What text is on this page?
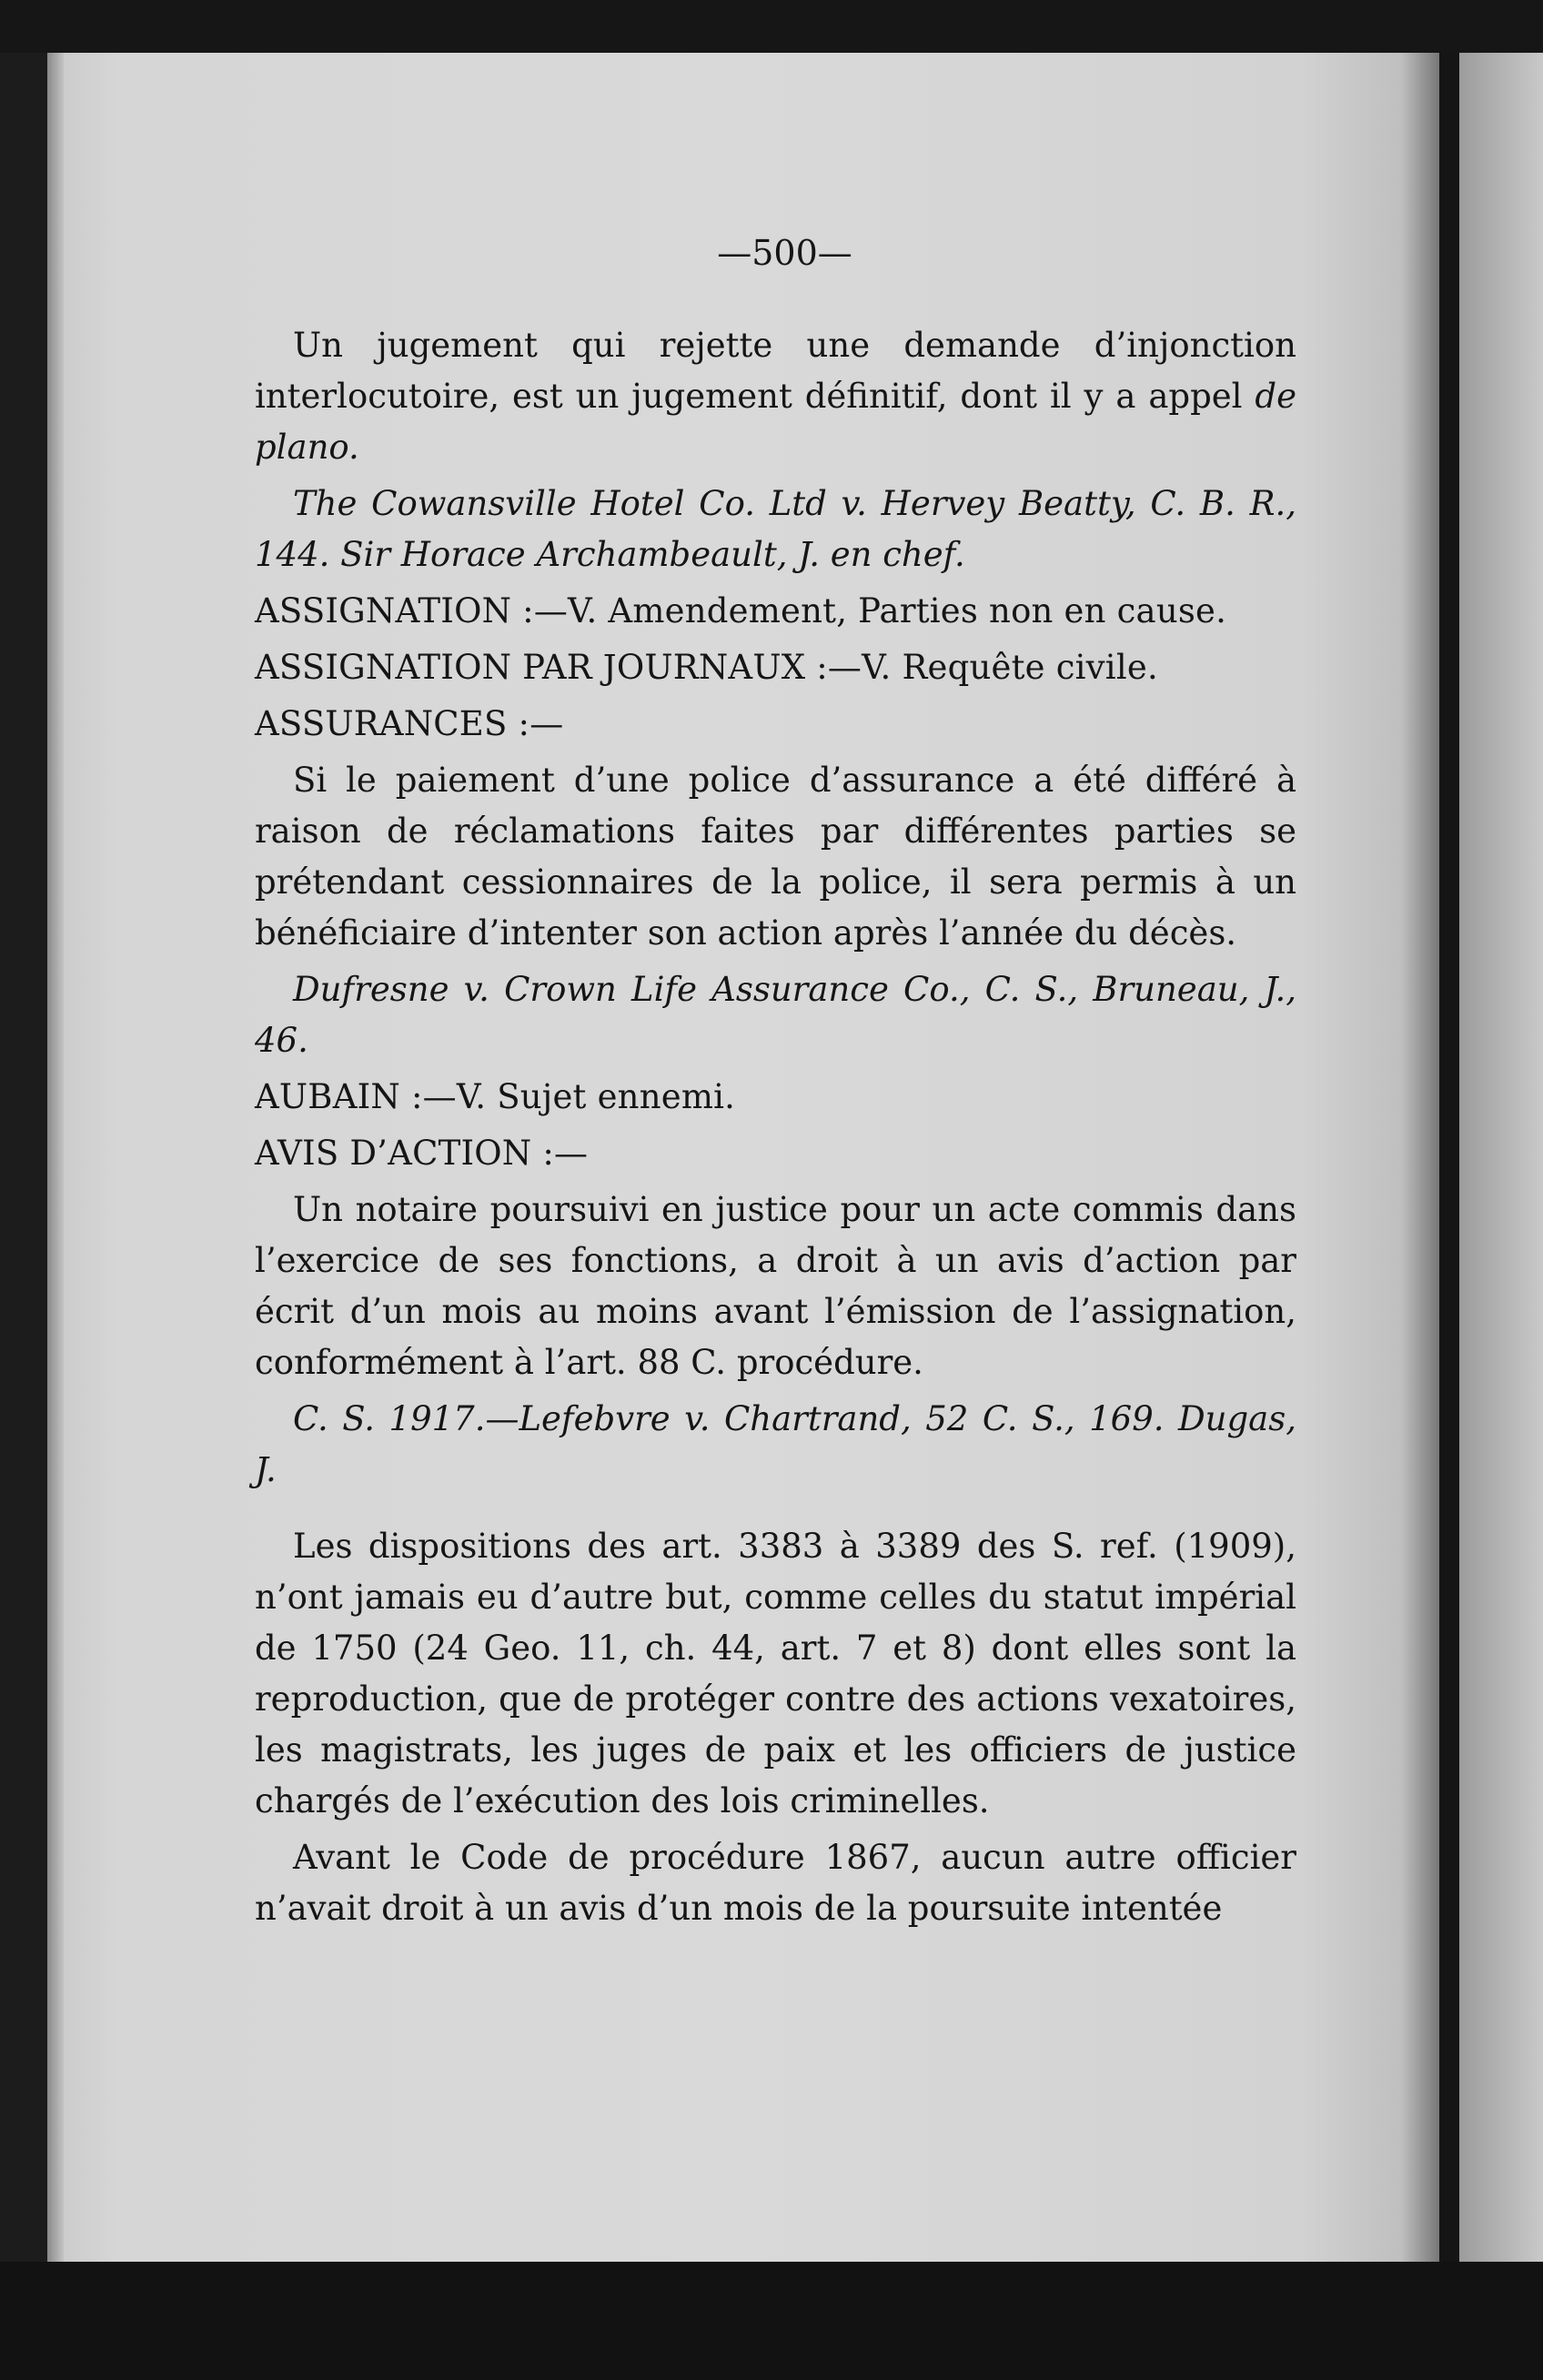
—500—

Un jugement qui rejette une demande d’injonction interlocutoire, est un jugement définitif, dont il y a appel de plano.

The Cowansville Hotel Co. Ltd v. Hervey Beatty, C. B. R., 144. Sir Horace Archambeault, J. en chef.

ASSIGNATION :—V. Amendement, Parties non en cause.

ASSIGNATION PAR JOURNAUX :—V. Requête civile.

ASSURANCES :—

Si le paiement d’une police d’assurance a été différé à raison de réclamations faites par différentes parties se prétendant cessionnaires de la police, il sera permis à un bénéficiaire d’intenter son action après l’année du décès.

Dufresne v. Crown Life Assurance Co., C. S., Bruneau, J., 46.

AUBAIN :—V. Sujet ennemi.

AVIS D’ACTION :—

Un notaire poursuivi en justice pour un acte commis dans l’exercice de ses fonctions, a droit à un avis d’action par écrit d’un mois au moins avant l’émission de l’assignation, conformément à l’art. 88 C. procédure.

C. S. 1917.—Lefebvre v. Chartrand, 52 C. S., 169. Dugas, J.

Les dispositions des art. 3383 à 3389 des S. ref. (1909), n’ont jamais eu d’autre but, comme celles du statut impérial de 1750 (24 Geo. 11, ch. 44, art. 7 et 8) dont elles sont la reproduction, que de protéger contre des actions vexatoires, les magistrats, les juges de paix et les officiers de justice chargés de l’exécution des lois criminelles.

Avant le Code de procédure 1867, aucun autre officier n’avait droit à un avis d’un mois de la poursuite intentée
